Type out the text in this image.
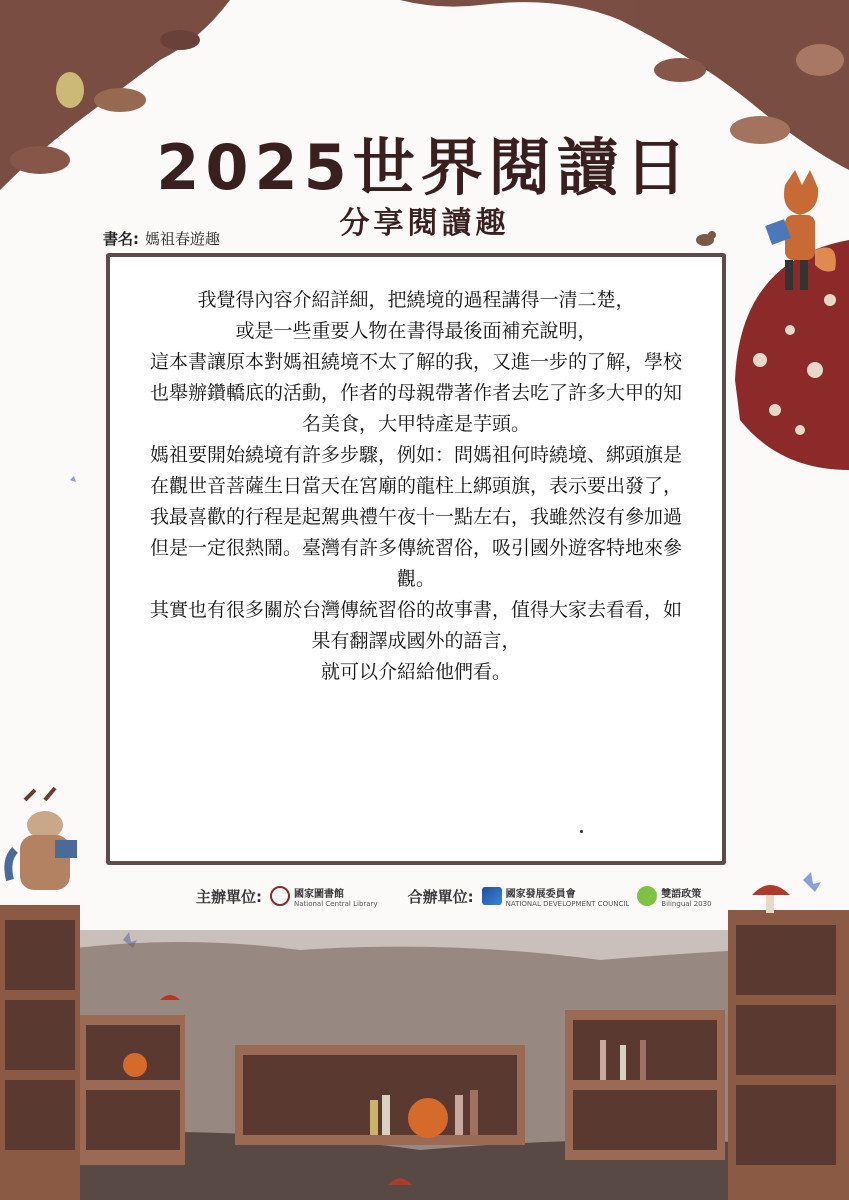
2025世界閱讀日
分享閱讀趣
書名: 媽祖春遊趣

我覺得內容介紹詳細，把繞境的過程講得一清二楚，

或是一些重要人物在書得最後面補充說明，

這本書讓原本對媽祖繞境不太了解的我，又進一步的了解，學校也舉辦鑽轎底的活動，作者的母親帶著作者去吃了許多大甲的知名美食，大甲特產是芋頭。

媽祖要開始繞境有許多步驟，例如：問媽祖何時繞境、綁頭旗是在觀世音菩薩生日當天在宮廟的龍柱上綁頭旗，表示要出發了，我最喜歡的行程是起駕典禮午夜十一點左右，我雖然沒有參加過但是一定很熱鬧。臺灣有許多傳統習俗，吸引國外遊客特地來參觀。

其實也有很多關於台灣傳統習俗的故事書，值得大家去看看，如果有翻譯成國外的語言，

就可以介紹給他們看。

主辦單位:	國家圖書館
National Central Library 合辦單位:	國家發展委員會
NATIONAL DEVELOPMENT COUNCIL
雙語政策
Bilingual 2030
